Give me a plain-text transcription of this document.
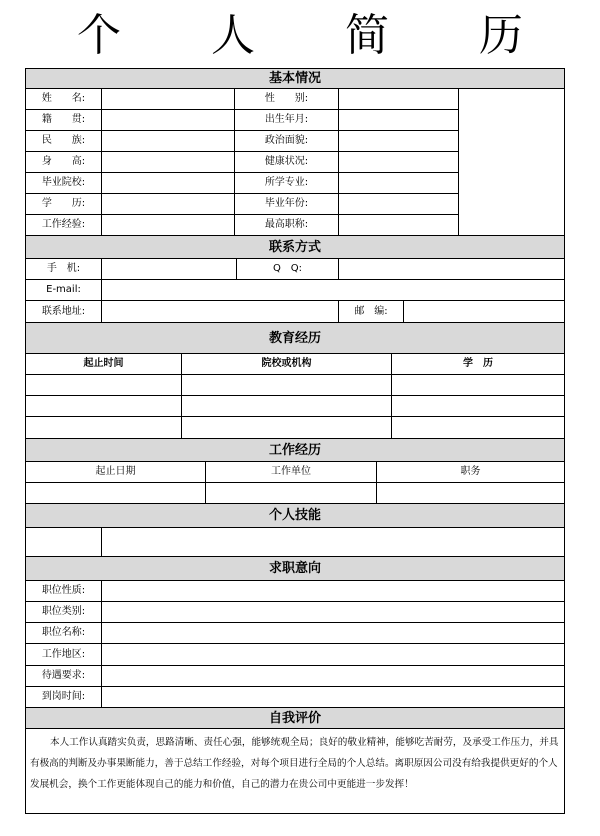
个 人 简 历
基本情况
姓　　名:	性　　别:
籍　　贯:	出生年月:
民　　族:	政治面貌:
身　　高:	健康状况:
毕业院校:	所学专业:
学　　历:	毕业年份:
工作经验:	最高职称:
联系方式
手　机:	Q　Q:
E-mail:
联系地址:	邮　编:
教育经历
起止时间	院校或机构	学　历
工作经历
起止日期	工作单位	职务
个人技能
求职意向
职位性质:
职位类别:
职位名称:
工作地区:
待遇要求:
到岗时间:
自我评价
本人工作认真踏实负责，思路清晰、责任心强，能够统观全局；良好的敬业精神，能够吃苦耐劳，及承受工作压力，并具有极高的判断及办事果断能力，善于总结工作经验，对每个项目进行全局的个人总结。离职原因公司没有给我提供更好的个人发展机会，换个工作更能体现自己的能力和价值，自己的潜力在贵公司中更能进一步发挥！
